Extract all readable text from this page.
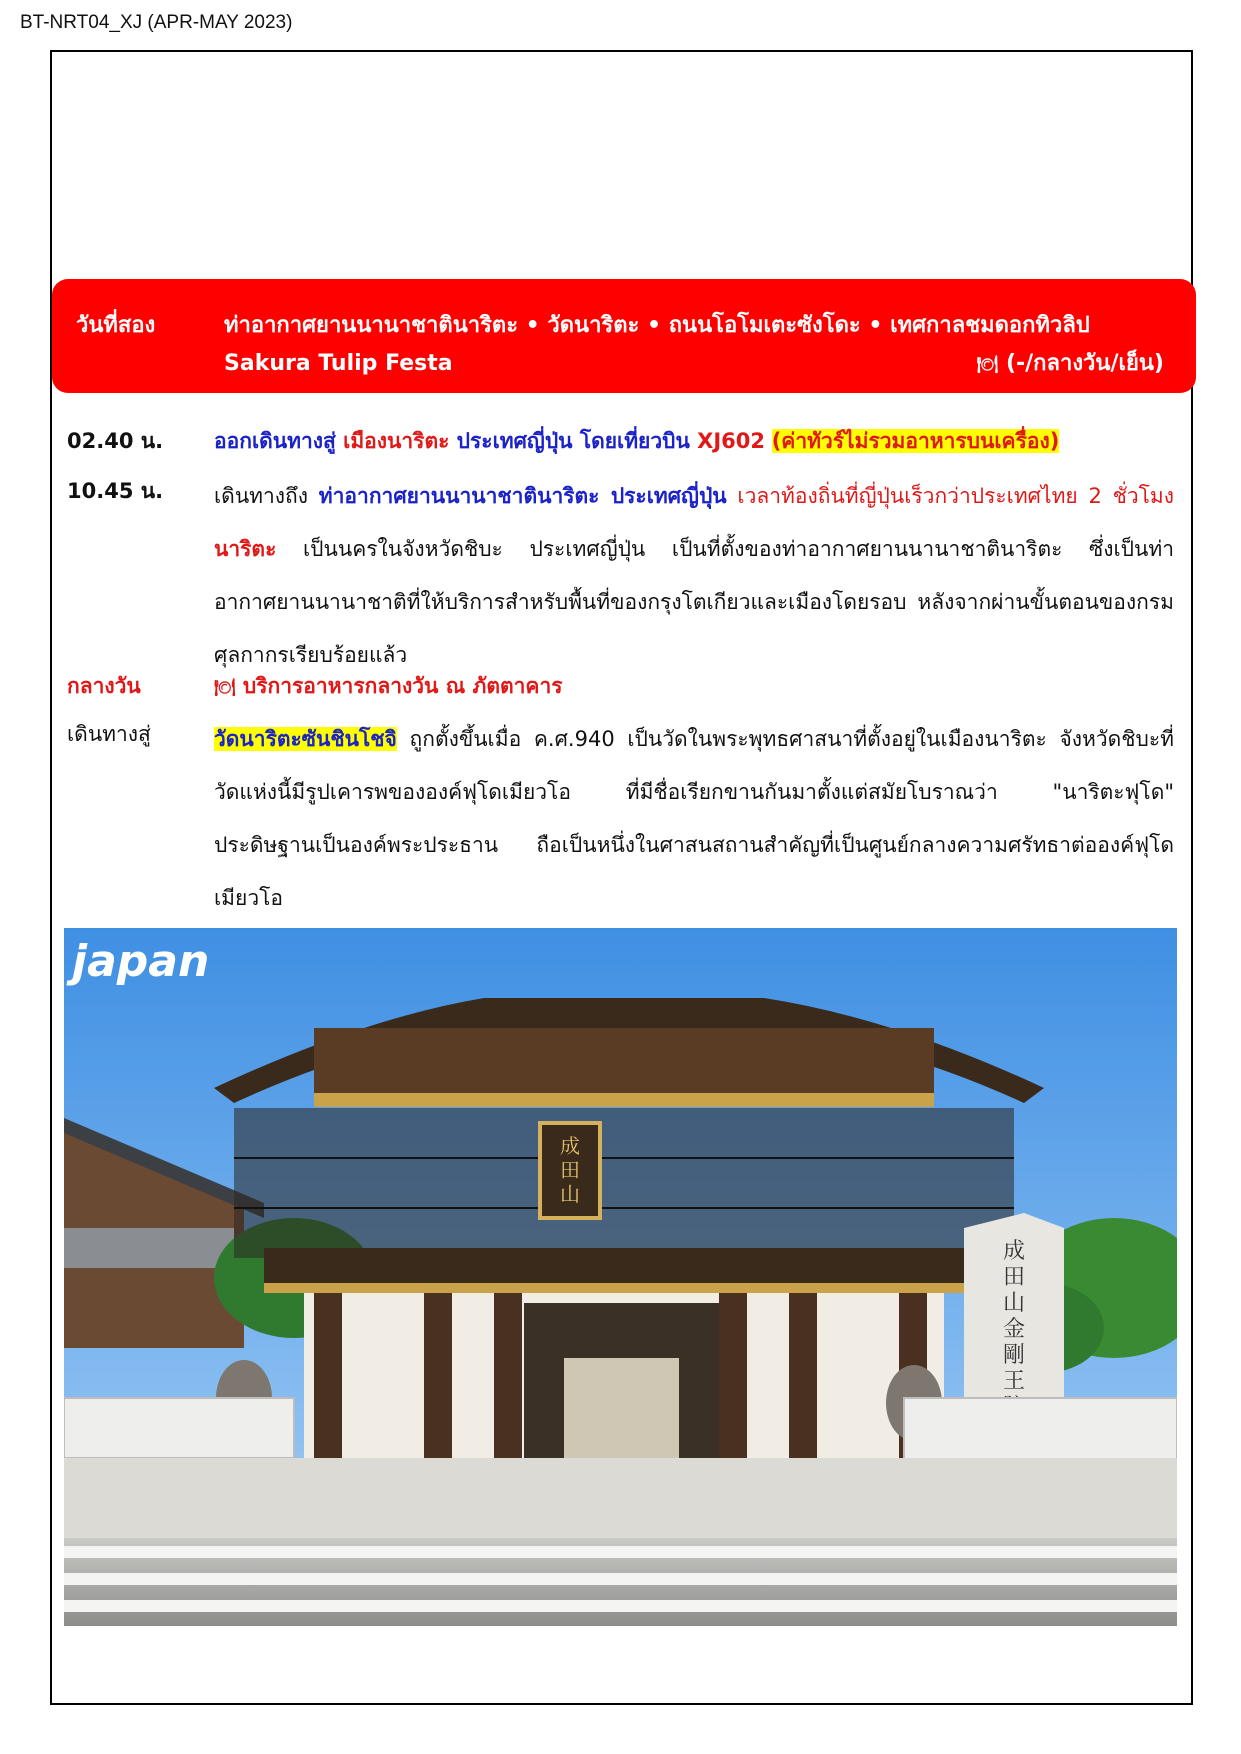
BT-NRT04_XJ (APR-MAY 2023)
วันที่สอง	ท่าอากาศยานนานาชาตินาริตะ • วัดนาริตะ • ถนนโอโมเตะซังโดะ • เทศกาลชมดอกทิวลิป
Sakura Tulip Festa	🍽 (-/กลางวัน/เย็น)
02.40 น. ออกเดินทางสู่ เมืองนาริตะ ประเทศญี่ปุ่น โดยเที่ยวบิน XJ602 (ค่าทัวร์ไม่รวมอาหารบนเครื่อง)
10.45 น. เดินทางถึง ท่าอากาศยานนานาชาตินาริตะ ประเทศญี่ปุ่น เวลาท้องถิ่นที่ญี่ปุ่นเร็วกว่าประเทศไทย 2 ชั่วโมง นาริตะ เป็นนครในจังหวัดชิบะ ประเทศญี่ปุ่น เป็นที่ตั้งของท่าอากาศยานนานาชาตินาริตะ ซึ่งเป็นท่าอากาศยานนานาชาติที่ให้บริการสำหรับพื้นที่ของกรุงโตเกียวและเมืองโดยรอบ หลังจากผ่านขั้นตอนของกรมศุลกากรเรียบร้อยแล้ว
กลางวัน	🍽 บริการอาหารกลางวัน ณ ภัตตาคาร
เดินทางสู่	วัดนาริตะซันชินโชจิ ถูกตั้งขึ้นเมื่อ ค.ศ.940 เป็นวัดในพระพุทธศาสนาที่ตั้งอยู่ในเมืองนาริตะ จังหวัดชิบะที่วัดแห่งนี้มีรูปเคารพขององค์ฟุโดเมียวโอ ที่มีชื่อเรียกขานกันมาตั้งแต่สมัยโบราณว่า "นาริตะฟุโด" ประดิษฐานเป็นองค์พระประธาน ถือเป็นหนึ่งในศาสนสถานสำคัญที่เป็นศูนย์กลางความศรัทธาต่อองค์ฟุโดเมียวโอ
成田山
成田山金剛王
japan
